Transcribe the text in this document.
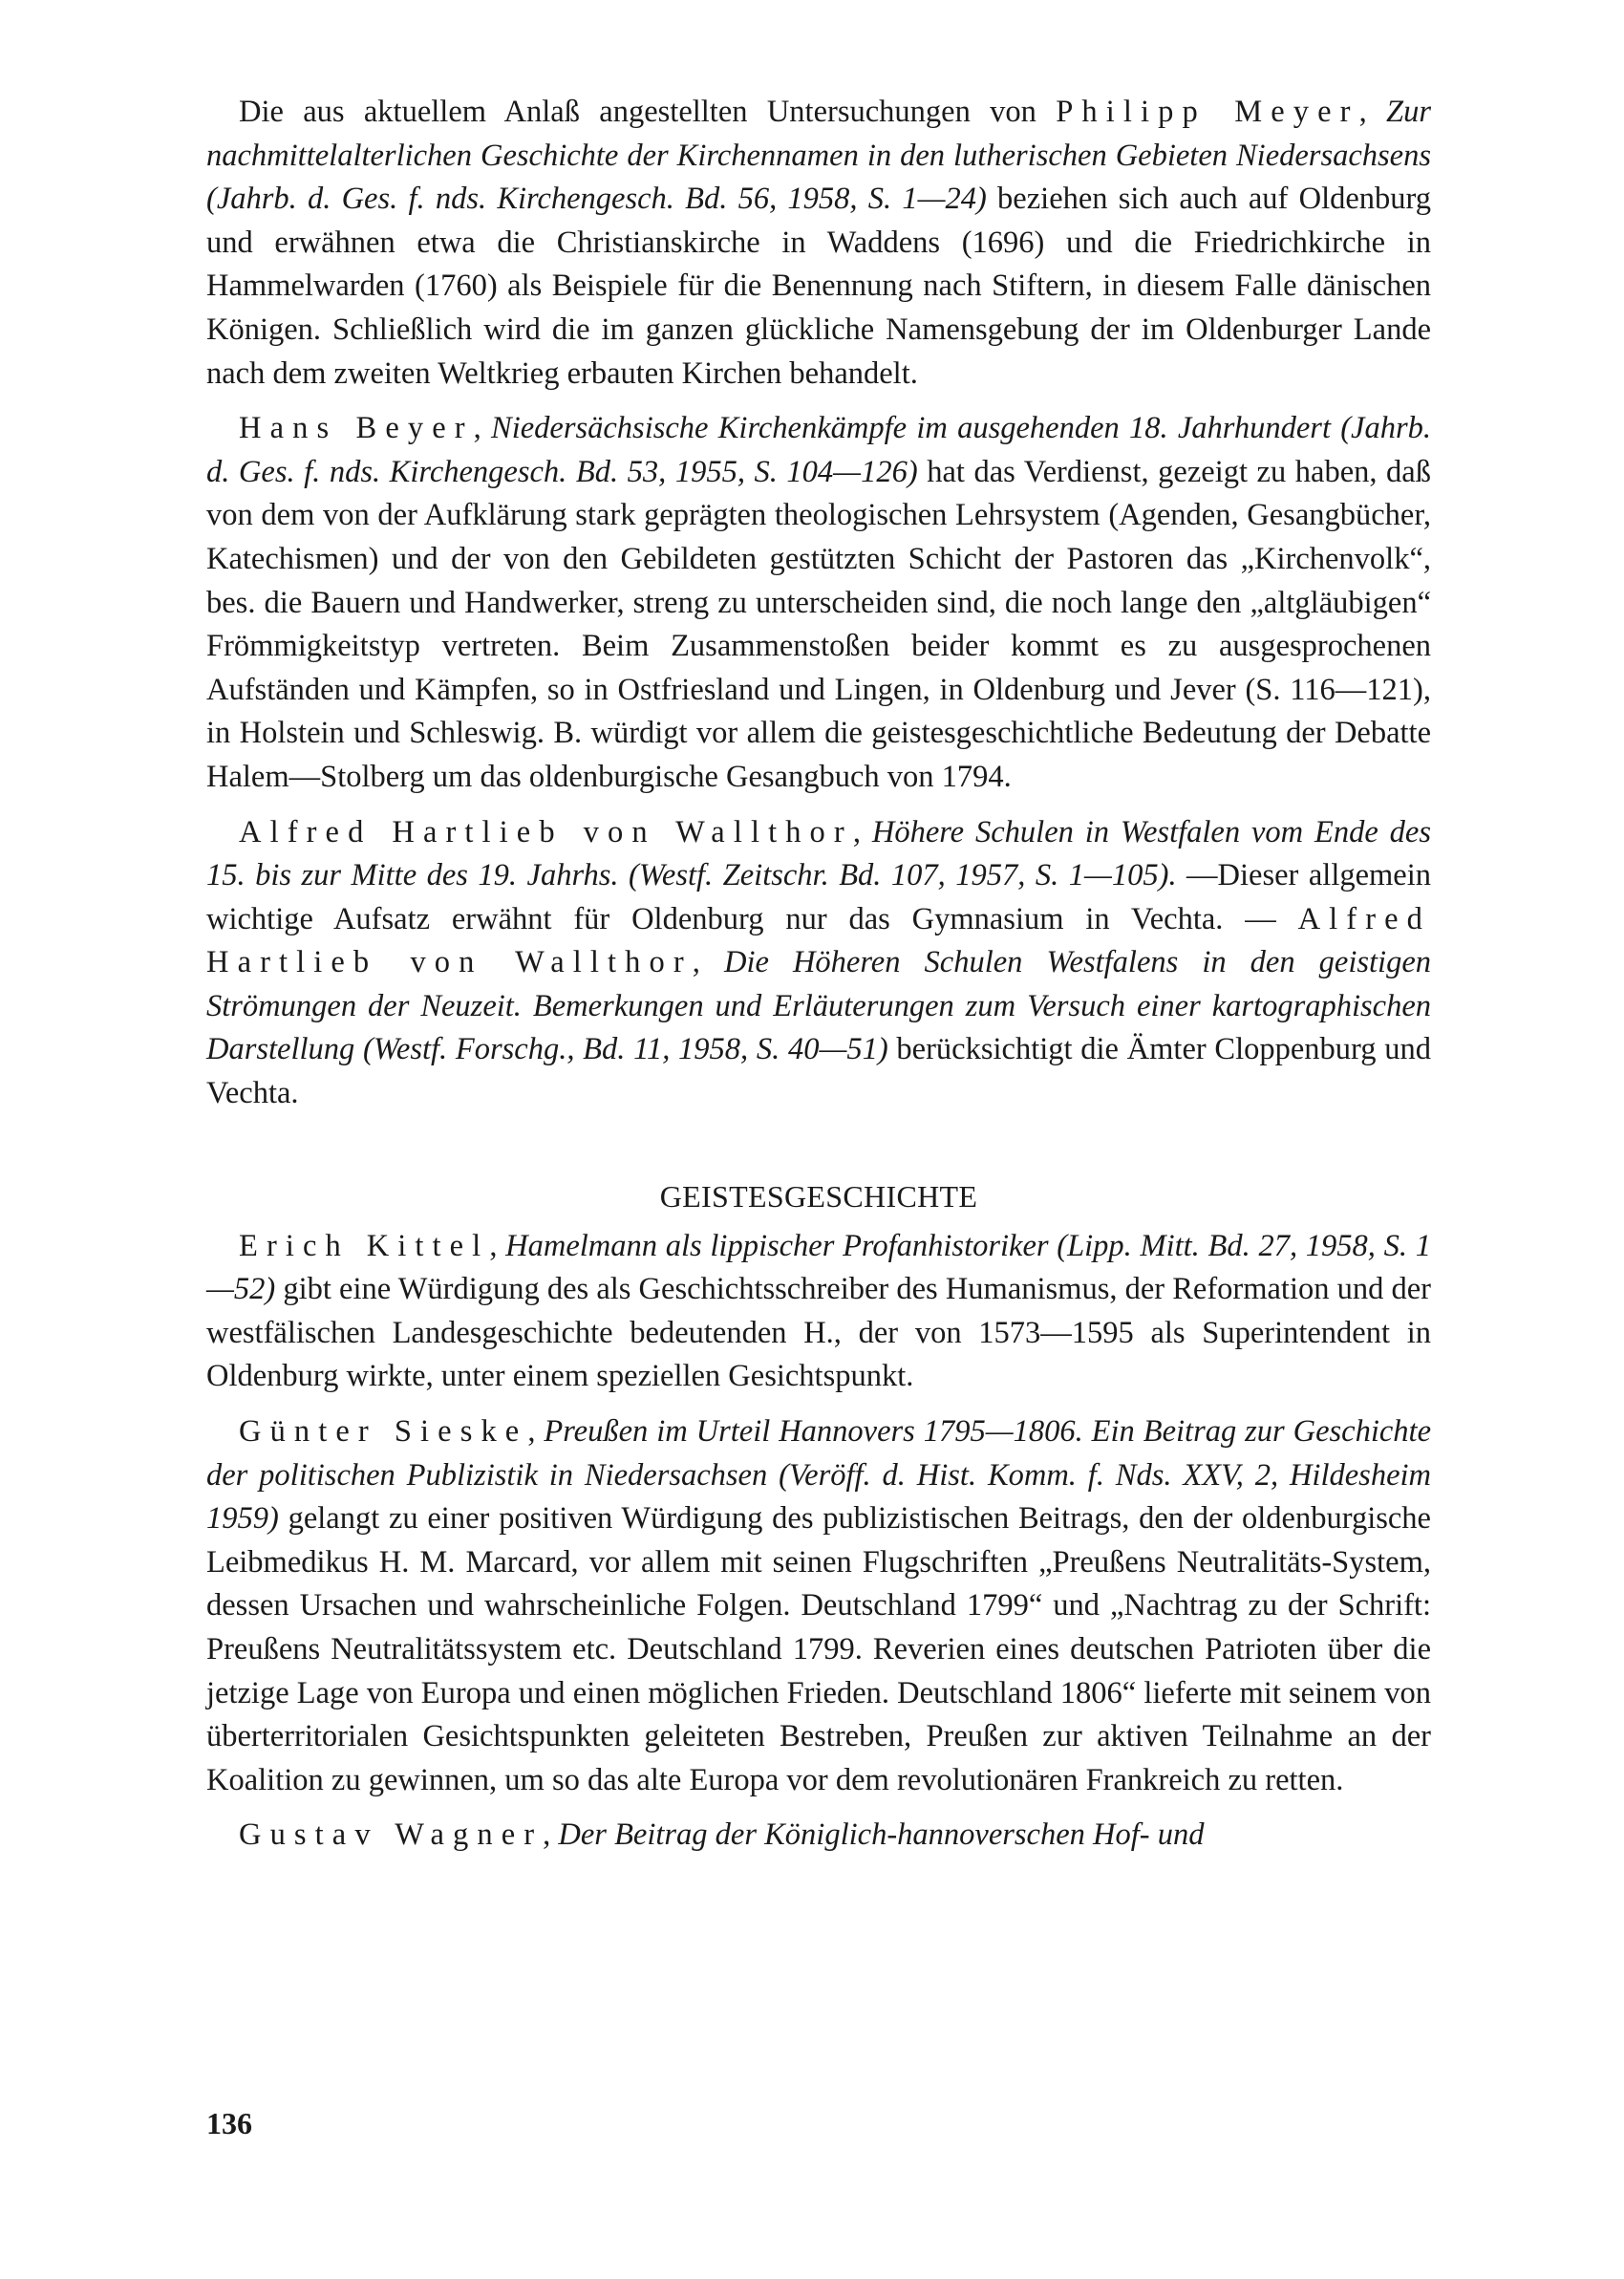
Die aus aktuellem Anlaß angestellten Untersuchungen von Philipp Meyer, Zur nachmittelalterlichen Geschichte der Kirchennamen in den lutherischen Gebieten Niedersachsens (Jahrb. d. Ges. f. nds. Kirchengesch. Bd. 56, 1958, S. 1—24) beziehen sich auch auf Oldenburg und erwähnen etwa die Christianskirche in Waddens (1696) und die Friedrichkirche in Hammelwarden (1760) als Beispiele für die Benennung nach Stiftern, in diesem Falle dänischen Königen. Schließlich wird die im ganzen glückliche Namensgebung der im Oldenburger Lande nach dem zweiten Weltkrieg erbauten Kirchen behandelt.

Hans Beyer, Niedersächsische Kirchenkämpfe im ausgehenden 18. Jahrhundert (Jahrb. d. Ges. f. nds. Kirchengesch. Bd. 53, 1955, S. 104—126) hat das Verdienst, gezeigt zu haben, daß von dem von der Aufklärung stark geprägten theologischen Lehrsystem (Agenden, Gesangbücher, Katechismen) und der von den Gebildeten gestützten Schicht der Pastoren das „Kirchenvolk“, bes. die Bauern und Handwerker, streng zu unterscheiden sind, die noch lange den „altgläubigen“ Frömmigkeitstyp vertreten. Beim Zusammenstoßen beider kommt es zu ausgesprochenen Aufständen und Kämpfen, so in Ostfriesland und Lingen, in Oldenburg und Jever (S. 116—121), in Holstein und Schleswig. B. würdigt vor allem die geistesgeschichtliche Bedeutung der Debatte Halem—Stolberg um das oldenburgische Gesangbuch von 1794.

Alfred Hartlieb von Wallthor, Höhere Schulen in Westfalen vom Ende des 15. bis zur Mitte des 19. Jahrhs. (Westf. Zeitschr. Bd. 107, 1957, S. 1—105). —Dieser allgemein wichtige Aufsatz erwähnt für Oldenburg nur das Gymnasium in Vechta. — Alfred Hartlieb von Wallthor, Die Höheren Schulen Westfalens in den geistigen Strömungen der Neuzeit. Bemerkungen und Erläuterungen zum Versuch einer kartographischen Darstellung (Westf. Forschg., Bd. 11, 1958, S. 40—51) berücksichtigt die Ämter Cloppenburg und Vechta.

GEISTESGESCHICHTE

Erich Kittel, Hamelmann als lippischer Profanhistoriker (Lipp. Mitt. Bd. 27, 1958, S. 1—52) gibt eine Würdigung des als Geschichtsschreiber des Humanismus, der Reformation und der westfälischen Landesgeschichte bedeutenden H., der von 1573—1595 als Superintendent in Oldenburg wirkte, unter einem speziellen Gesichtspunkt.

Günter Sieske, Preußen im Urteil Hannovers 1795—1806. Ein Beitrag zur Geschichte der politischen Publizistik in Niedersachsen (Veröff. d. Hist. Komm. f. Nds. XXV, 2, Hildesheim 1959) gelangt zu einer positiven Würdigung des publizistischen Beitrags, den der oldenburgische Leibmedikus H. M. Marcard, vor allem mit seinen Flugschriften „Preußens Neutralitäts-System, dessen Ursachen und wahrscheinliche Folgen. Deutschland 1799“ und „Nachtrag zu der Schrift: Preußens Neutralitätssystem etc. Deutschland 1799. Reverien eines deutschen Patrioten über die jetzige Lage von Europa und einen möglichen Frieden. Deutschland 1806“ lieferte mit seinem von überterritorialen Gesichtspunkten geleiteten Bestreben, Preußen zur aktiven Teilnahme an der Koalition zu gewinnen, um so das alte Europa vor dem revolutionären Frankreich zu retten.

Gustav Wagner, Der Beitrag der Königlich-hannoverschen Hof- und

136
